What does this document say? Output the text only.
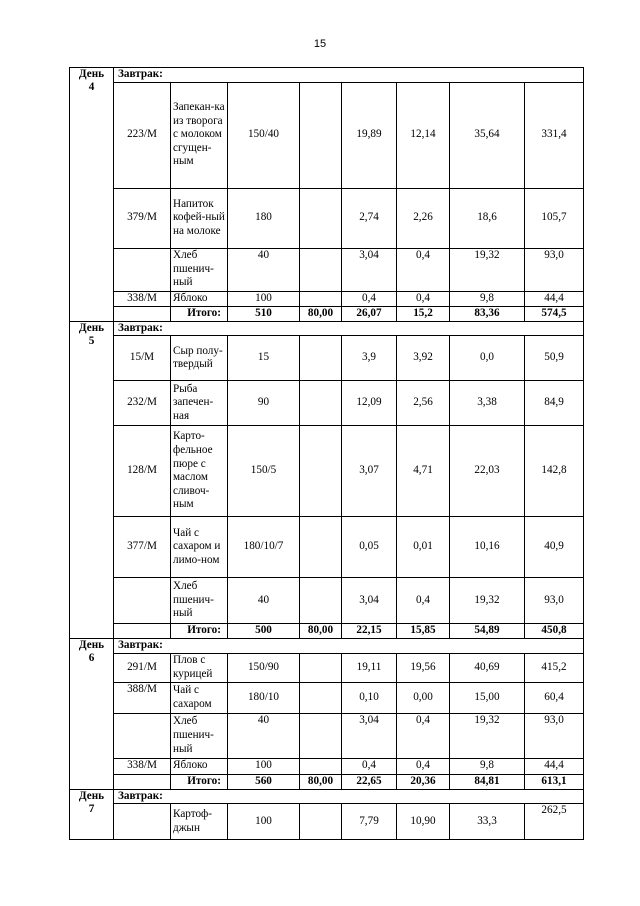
15
День
4	Завтрак:							
	223/М	Запекан-ка из творога с молоком сгущен-ным	150/40		19,89	12,14	35,64	331,4
	379/М	Напиток кофей-ный на молоке	180		2,74	2,26	18,6	105,7
		Хлеб пшенич-ный	40		3,04	0,4	19,32	93,0
	338/М	Яблоко	100		0,4	0,4	9,8	44,4
		Итого:	510	80,00	26,07	15,2	83,36	574,5

День
5	Завтрак:							
	15/М	Сыр полу-твердый	15		3,9	3,92	0,0	50,9
	232/М	Рыба запечен-ная	90		12,09	2,56	3,38	84,9
	128/М	Карто-фельное пюре с маслом сливоч-ным	150/5		3,07	4,71	22,03	142,8
	377/М	Чай с сахаром и лимо-ном	180/10/7		0,05	0,01	10,16	40,9
		Хлеб пшенич-ный	40		3,04	0,4	19,32	93,0
		Итого:	500	80,00	22,15	15,85	54,89	450,8

День
6	Завтрак:							
	291/М	Плов с курицей	150/90		19,11	19,56	40,69	415,2
	388/М	Чай с сахаром	180/10		0,10	0,00	15,00	60,4
		Хлеб пшенич-ный	40		3,04	0,4	19,32	93,0
	338/М	Яблоко	100		0,4	0,4	9,8	44,4
		Итого:	560	80,00	22,65	20,36	84,81	613,1

День
7	Завтрак:							
		Картоф-джын	100		7,79	10,90	33,3	262,5
